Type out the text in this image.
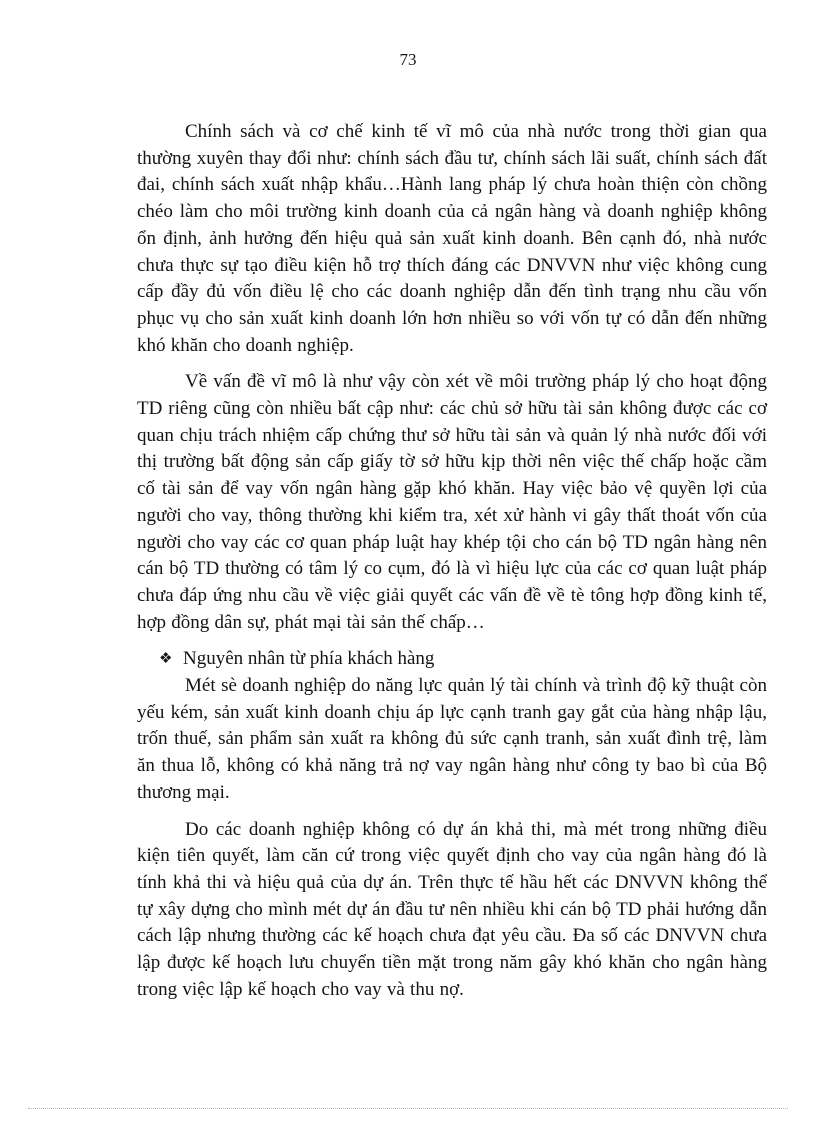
73

Chính sách và cơ chế kinh tế vĩ mô của nhà nước trong thời gian qua thường xuyên thay đổi như: chính sách đầu tư, chính sách lãi suất, chính sách đất đai, chính sách xuất nhập khẩu…Hành lang pháp lý chưa hoàn thiện còn chồng chéo làm cho môi trường kinh doanh của cả ngân hàng và doanh nghiệp không ổn định, ảnh hưởng đến hiệu quả sản xuất kinh doanh. Bên cạnh đó, nhà nước chưa thực sự tạo điều kiện hỗ trợ thích đáng các DNVVN như việc không cung cấp đầy đủ vốn điều lệ cho các doanh nghiệp dẫn đến tình trạng nhu cầu vốn phục vụ cho sản xuất kinh doanh lớn hơn nhiều so với vốn tự có dẫn đến những khó khăn cho doanh nghiệp.

Về vấn đề vĩ mô là như vậy còn xét về môi trường pháp lý cho hoạt động TD riêng cũng còn nhiều bất cập như: các chủ sở hữu tài sản không được các cơ quan chịu trách nhiệm cấp chứng thư sở hữu tài sản và quản lý nhà nước đối với thị trường bất động sản cấp giấy tờ sở hữu kịp thời nên việc thế chấp hoặc cầm cố tài sản để vay vốn ngân hàng gặp khó khăn. Hay việc bảo vệ quyền lợi của người cho vay, thông thường khi kiểm tra, xét xử hành vi gây thất thoát vốn của người cho vay các cơ quan pháp luật hay khép tội cho cán bộ TD ngân hàng nên cán bộ TD thường có tâm lý co cụm, đó là vì hiệu lực của các cơ quan luật pháp chưa đáp ứng nhu cầu về việc giải quyết các vấn đề về tè tông hợp đồng kinh tế, hợp đồng dân sự, phát mại tài sản thế chấp…

❖ Nguyên nhân từ phía khách hàng

Mét sè doanh nghiệp do năng lực quản lý tài chính và trình độ kỹ thuật còn yếu kém, sản xuất kinh doanh chịu áp lực cạnh tranh gay gắt của hàng nhập lậu, trốn thuế, sản phẩm sản xuất ra không đủ sức cạnh tranh, sản xuất đình trệ, làm ăn thua lỗ, không có khả năng trả nợ vay ngân hàng như công ty bao bì của Bộ thương mại.

Do các doanh nghiệp không có dự án khả thi, mà mét trong những điều kiện tiên quyết, làm căn cứ trong việc quyết định cho vay của ngân hàng đó là tính khả thi và hiệu quả của dự án. Trên thực tế hầu hết các DNVVN không thể tự xây dựng cho mình mét dự án đầu tư nên nhiều khi cán bộ TD phải hướng dẫn cách lập nhưng thường các kế hoạch chưa đạt yêu cầu. Đa số các DNVVN chưa lập được kế hoạch lưu chuyển tiền mặt trong năm gây khó khăn cho ngân hàng trong việc lập kế hoạch cho vay và thu nợ.
